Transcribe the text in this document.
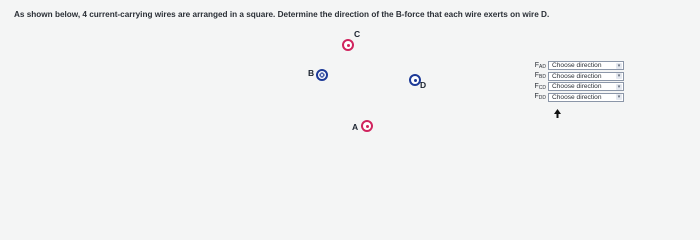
As shown below, 4 current-carrying wires are arranged in a square. Determine the direction of the B-force that each wire exerts on wire D.
C
B
D
A
$F_{AD}$ Choose direction	▾
$F_{BD}$ Choose direction	▾
$F_{CD}$ Choose direction	▾
$F_{DD}$ Choose direction	▾
